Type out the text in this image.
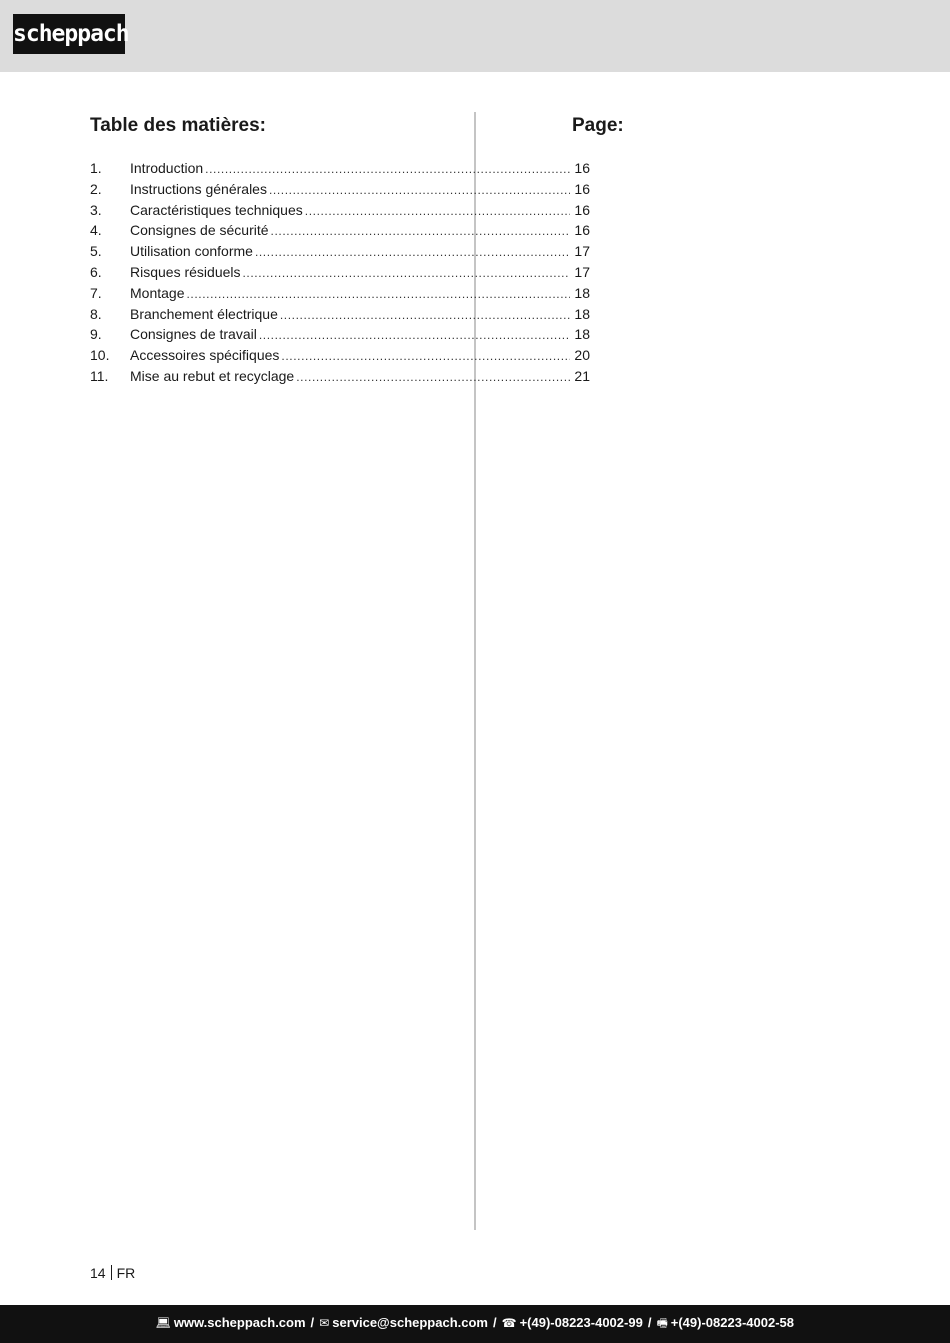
scheppach
Table des matières:	Page:
1.	Introduction .....	16
2.	Instructions générales .....	16
3.	Caractéristiques techniques .....	16
4.	Consignes de sécurité .....	16
5.	Utilisation conforme .....	17
6.	Risques résiduels .....	17
7.	Montage .....	18
8.	Branchement électrique .....	18
9.	Consignes de travail .....	18
10.	Accessoires spécifiques .....	20
11.	Mise au rebut et recyclage .....	21
14 FR
💻︎ www.scheppach.com / ✉︎ service@scheppach.com / ☎︎ +(49)-08223-4002-99 / 🖷︎ +(49)-08223-4002-58
